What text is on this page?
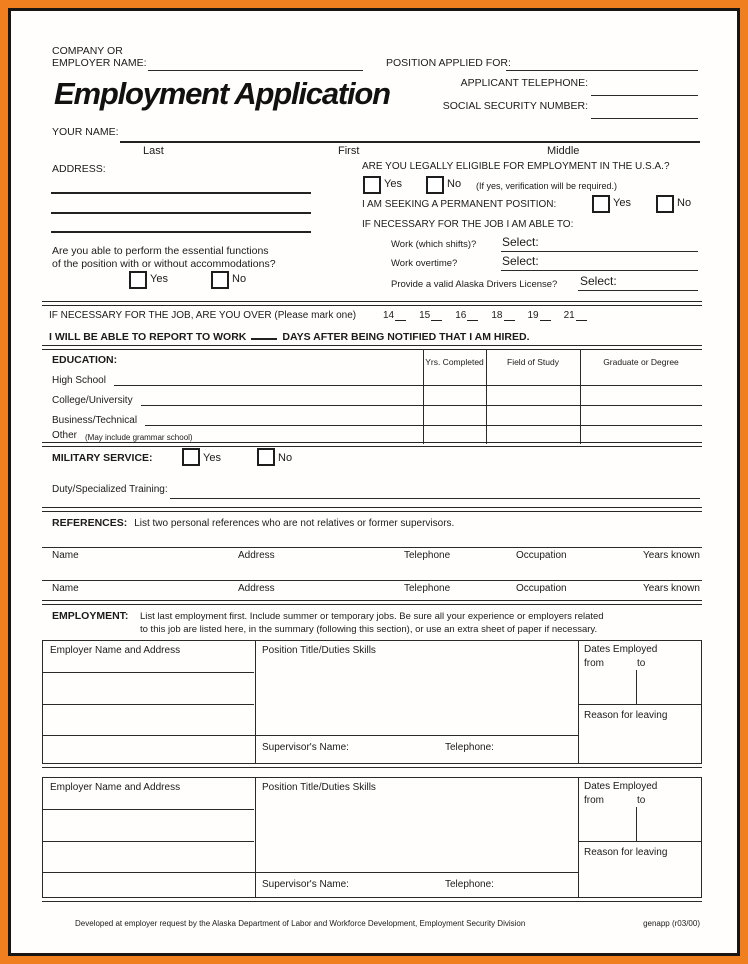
COMPANY OR
EMPLOYER NAME:	POSITION APPLIED FOR:
Employment Application	APPLICANT TELEPHONE:
SOCIAL SECURITY NUMBER:
YOUR NAME:
Last	First	Middle
ADDRESS:
Are you able to perform the essential functions
of the position with or without accommodations?
Yes	No
ARE YOU LEGALLY ELIGIBLE FOR EMPLOYMENT IN THE U.S.A.?
Yes	No (If yes, verification will be required.)
I AM SEEKING A PERMANENT POSITION:	Yes	No
IF NECESSARY FOR THE JOB I AM ABLE TO:
Work (which shifts)? Select:
Work overtime?	Select:
Provide a valid Alaska Drivers License? Select:
IF NECESSARY FOR THE JOB, ARE YOU OVER (Please mark one)	14	15	16	18	19	21
I WILL BE ABLE TO REPORT TO WORK	DAYS AFTER BEING NOTIFIED THAT I AM HIRED.
EDUCATION:	Yrs. Completed	Field of Study	Graduate or Degree
High School
College/University
Business/Technical
Other (May include grammar school)
MILITARY SERVICE:	Yes	No
Duty/Specialized Training:
REFERENCES: List two personal references who are not relatives or former supervisors.
Name	Address	Telephone	Occupation	Years known
Name	Address	Telephone	Occupation	Years known
EMPLOYMENT: List last employment first. Include summer or temporary jobs. Be sure all your experience or employers related
to this job are listed here, in the summary (following this section), or use an extra sheet of paper if necessary.
Employer Name and Address	Position Title/Duties Skills
Supervisor's Name:	Telephone:
Dates Employed
from	to
Reason for leaving
Employer Name and Address	Position Title/Duties Skills
Supervisor's Name:	Telephone:
Dates Employed
from	to
Reason for leaving
Developed at employer request by the Alaska Department of Labor and Workforce Development, Employment Security Division	genapp (r03/00)
